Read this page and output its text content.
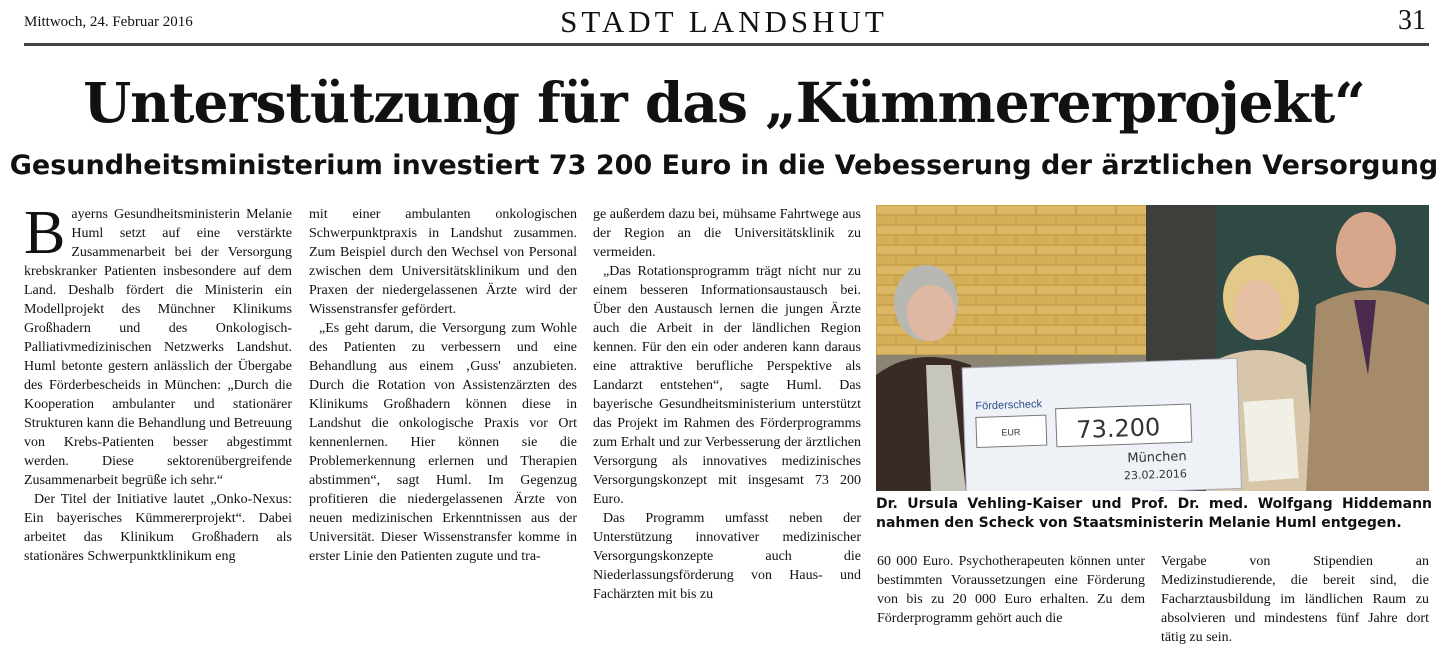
Mittwoch, 24. Februar 2016	STADT LANDSHUT	31
Unterstützung für das „Kümmererprojekt“
Gesundheitsministerium investiert 73 200 Euro in die Vebesserung der ärztlichen Versorgung

Bayerns Gesundheitsministerin Melanie Huml setzt auf eine verstärkte Zusammenarbeit bei der Versorgung krebskranker Patienten insbesondere auf dem Land. Deshalb fördert die Ministerin ein Modellprojekt des Münchner Klinikums Großhadern und des Onkologisch-Palliativmedizinischen Netzwerks Landshut. Huml betonte gestern anlässlich der Übergabe des Förderbescheids in München: „Durch die Kooperation ambulanter und stationärer Strukturen kann die Behandlung und Betreuung von Krebs-Patienten besser abgestimmt werden. Diese sektorenübergreifende Zusammenarbeit begrüße ich sehr.“

Der Titel der Initiative lautet „Onko-Nexus: Ein bayerisches Kümmererprojekt“. Dabei arbeitet das Klinikum Großhadern als stationäres Schwerpunktklinikum eng

mit einer ambulanten onkologischen Schwerpunktpraxis in Landshut zusammen. Zum Beispiel durch den Wechsel von Personal zwischen dem Universitätsklinikum und den Praxen der niedergelassenen Ärzte wird der Wissenstransfer gefördert.

„Es geht darum, die Versorgung zum Wohle des Patienten zu verbessern und eine Behandlung aus einem ‚Guss' anzubieten. Durch die Rotation von Assistenzärzten des Klinikums Großhadern können diese in Landshut die onkologische Praxis vor Ort kennenlernen. Hier können sie die Problemerkennung erlernen und Therapien abstimmen“, sagt Huml. Im Gegenzug profitieren die niedergelassenen Ärzte von neuen medizinischen Erkenntnissen aus der Universität. Dieser Wissenstransfer komme in erster Linie den Patienten zugute und tra-

ge außerdem dazu bei, mühsame Fahrtwege aus der Region an die Universitätsklinik zu vermeiden.

„Das Rotationsprogramm trägt nicht nur zu einem besseren Informationsaustausch bei. Über den Austausch lernen die jungen Ärzte auch die Arbeit in der ländlichen Region kennen. Für den ein oder anderen kann daraus eine attraktive berufliche Perspektive als Landarzt entstehen“, sagte Huml. Das bayerische Gesundheitsministerium unterstützt das Projekt im Rahmen des Förderprogramms zum Erhalt und zur Verbesserung der ärztlichen Versorgung als innovatives medizinisches Versorgungskonzept mit insgesamt 73 200 Euro.

Das Programm umfasst neben der Unterstützung innovativer medizinischer Versorgungskonzepte auch die Niederlassungsförderung von Haus- und Fachärzten mit bis zu

Förderscheck
EUR 73.200
München
23.02.2016
Dr. Ursula Vehling-Kaiser und Prof. Dr. med. Wolfgang Hiddemann nahmen den Scheck von Staatsministerin Melanie Huml entgegen.

60 000 Euro. Psychotherapeuten können unter bestimmten Voraussetzungen eine Förderung von bis zu 20 000 Euro erhalten. Zu dem Förderprogramm gehört auch die

Vergabe von Stipendien an Medizinstudierende, die bereit sind, die Facharztausbildung im ländlichen Raum zu absolvieren und mindestens fünf Jahre dort tätig zu sein.
